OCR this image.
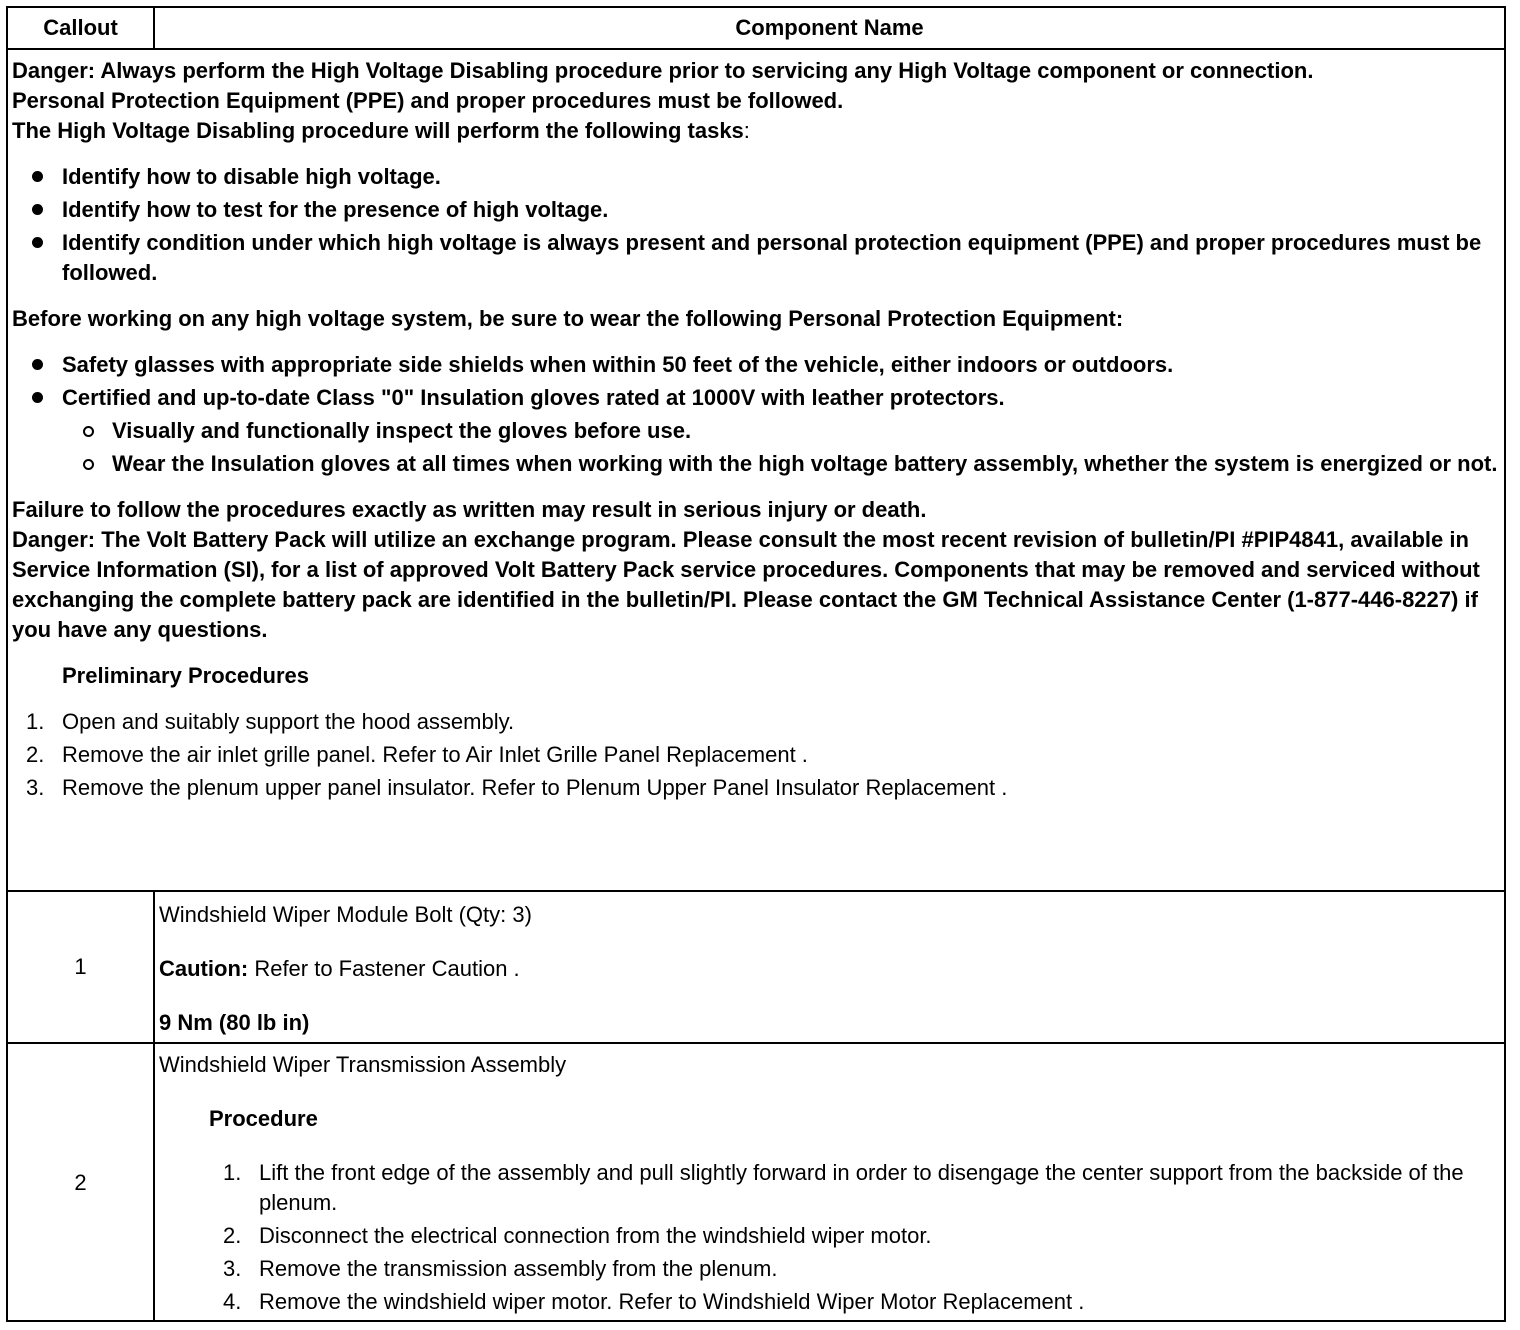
Callout	Component Name

Danger: Always perform the High Voltage Disabling procedure prior to servicing any High Voltage component or connection.

Personal Protection Equipment (PPE) and proper procedures must be followed.

The High Voltage Disabling procedure will perform the following tasks:

Identify how to disable high voltage.
Identify how to test for the presence of high voltage.
Identify condition under which high voltage is always present and personal protection equipment (PPE) and proper procedures must be followed.

Before working on any high voltage system, be sure to wear the following Personal Protection Equipment:

Safety glasses with appropriate side shields when within 50 feet of the vehicle, either indoors or outdoors.
Certified and up-to-date Class "0" Insulation gloves rated at 1000V with leather protectors.
Visually and functionally inspect the gloves before use.
Wear the Insulation gloves at all times when working with the high voltage battery assembly, whether the system is energized or not.

Failure to follow the procedures exactly as written may result in serious injury or death.

Danger: The Volt Battery Pack will utilize an exchange program. Please consult the most recent revision of bulletin/PI #PIP4841, available in Service Information (SI), for a list of approved Volt Battery Pack service procedures. Components that may be removed and serviced without exchanging the complete battery pack are identified in the bulletin/PI. Please contact the GM Technical Assistance Center (1-877-446-8227) if you have any questions.

Preliminary Procedures

1. Open and suitably support the hood assembly.
2. Remove the air inlet grille panel. Refer to Air Inlet Grille Panel Replacement .
3. Remove the plenum upper panel insulator. Refer to Plenum Upper Panel Insulator Replacement .
1

Windshield Wiper Module Bolt (Qty: 3)

Caution: Refer to Fastener Caution .

9 Nm (80 lb in)

2

Windshield Wiper Transmission Assembly

Procedure

1. Lift the front edge of the assembly and pull slightly forward in order to disengage the center support from the backside of the plenum.
2. Disconnect the electrical connection from the windshield wiper motor.
3. Remove the transmission assembly from the plenum.
4. Remove the windshield wiper motor. Refer to Windshield Wiper Motor Replacement .
